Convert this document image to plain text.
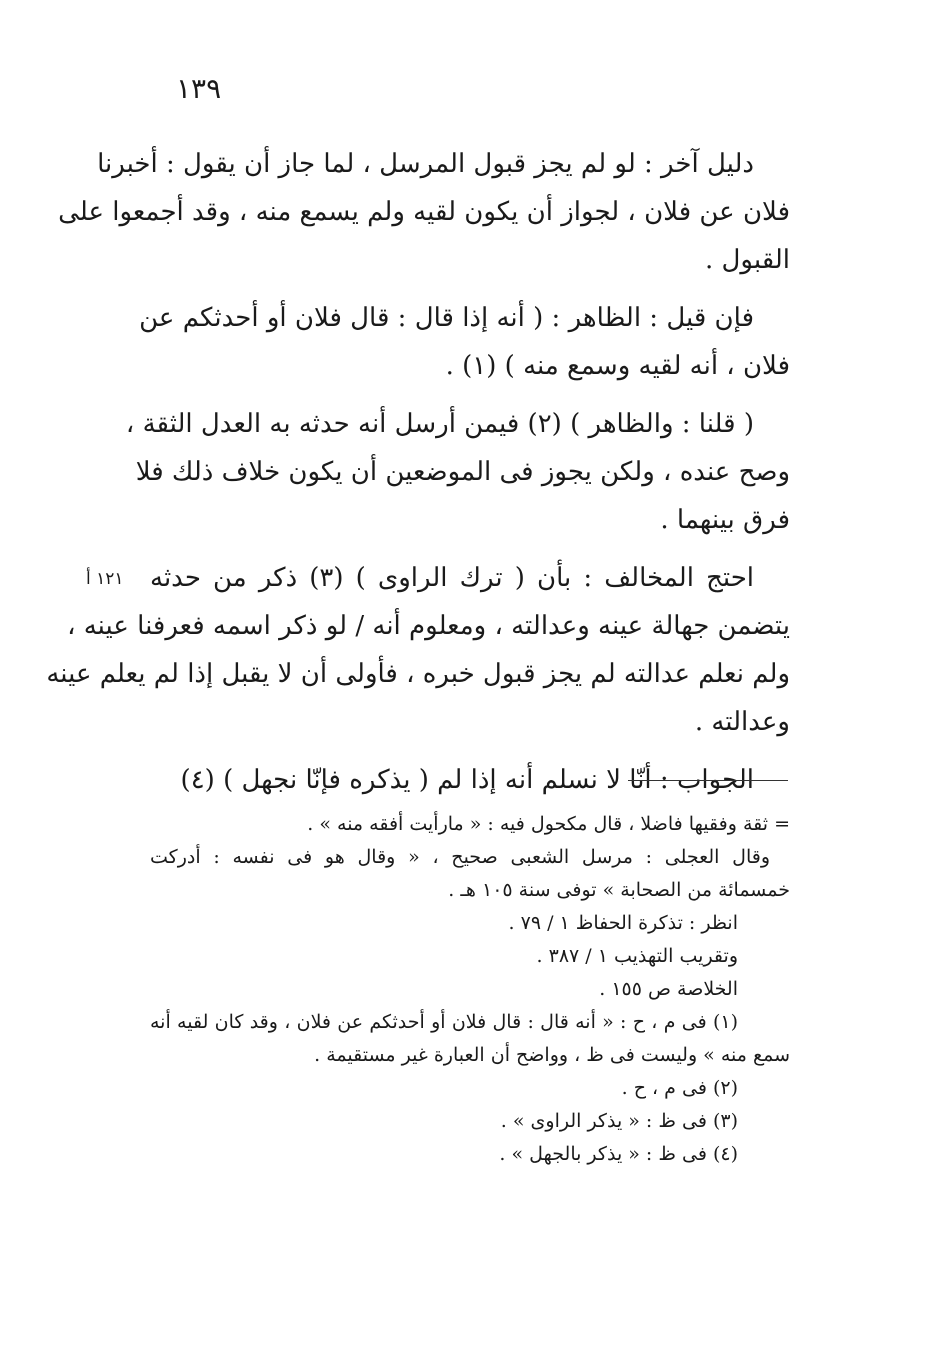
١٣٩
١٢١ أ
دليل آخر : لو لم يجز قبول المرسل ، لما جاز أن يقول : أخبرنا
فلان عن فلان ، لجواز أن يكون لقيه ولم يسمع منه ، وقد أجمعوا على
القبول .
فإن قيل : الظاهر : ( أنه إذا قال : قال فلان أو أحدثكم عن
فلان ، أنه لقيه وسمع منه ) (١) .
( قلنا : والظاهر ) (٢) فيمن أرسل أنه حدثه به العدل الثقة ،
وصح عنده ، ولكن يجوز فى الموضعين أن يكون خلاف ذلك فلا
فرق بينهما .
احتج المخالف : بأن ( ترك الراوى ) (٣) ذكر من حدثه
يتضمن جهالة عينه وعدالته ، ومعلوم أنه / لو ذكر اسمه فعرفنا عينه ،
ولم نعلم عدالته لم يجز قبول خبره ، فأولى أن لا يقبل إذا لم يعلم عينه
وعدالته .
الجواب : أنّا لا نسلم أنه إذا لم ( يذكره فإنّا نجهل ) (٤)
= ثقة وفقيها فاضلا ، قال مكحول فيه : « مارأيت أفقه منه » .
وقال العجلى : مرسل الشعبى صحيح ، « وقال هو فى نفسه : أدركت
خمسمائة من الصحابة » توفى سنة ١٠٥ هـ .
انظر : تذكرة الحفاظ ١ / ٧٩ .
وتقريب التهذيب ١ / ٣٨٧ .
الخلاصة ص ١٥٥ .
(١) فى م ، ح : « أنه قال : قال فلان أو أحدثكم عن فلان ، وقد كان لقيه أنه
سمع منه » وليست فى ظ ، وواضح أن العبارة غير مستقيمة .
(٢) فى م ، ح .
(٣) فى ظ : « يذكر الراوى » .
(٤) فى ظ : « يذكر بالجهل » .
